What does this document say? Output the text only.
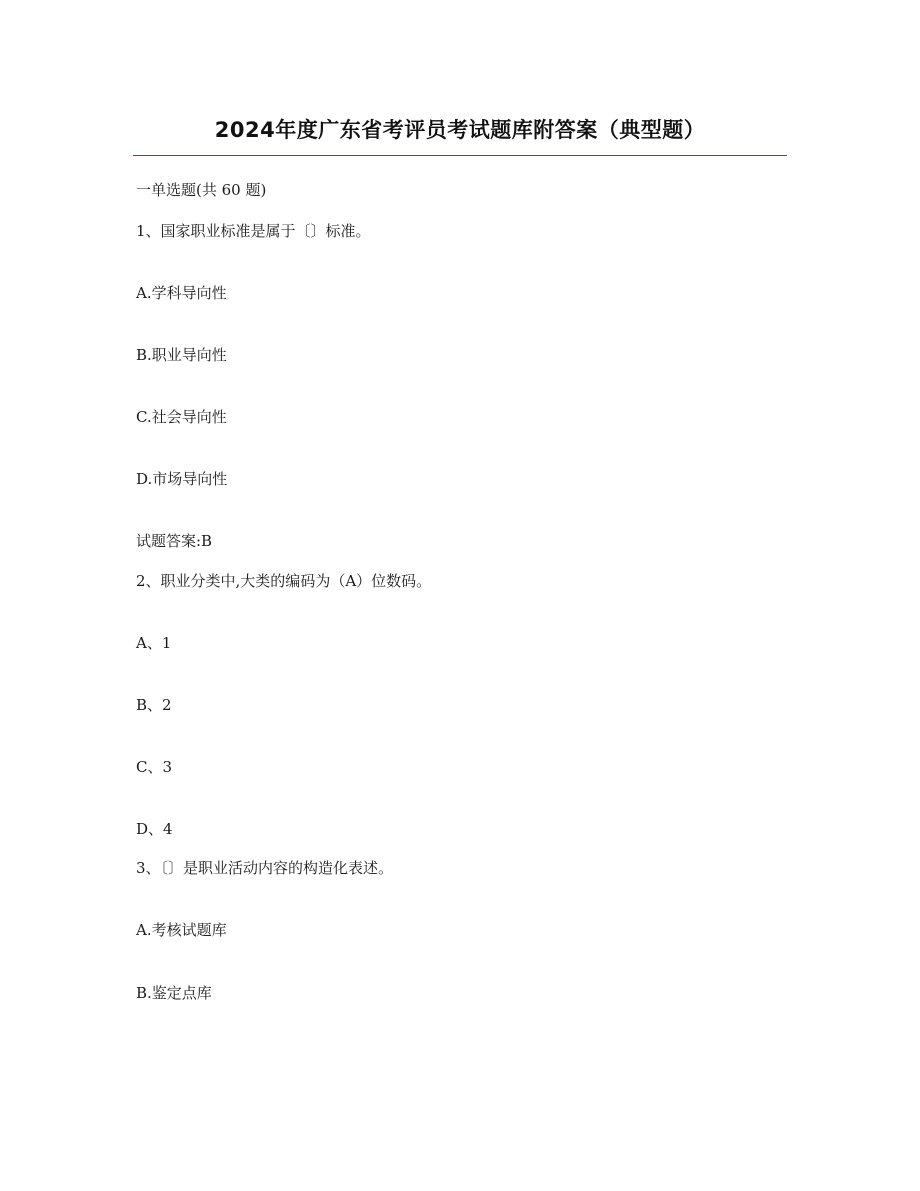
2024年度广东省考评员考试题库附答案（典型题）
一单选题(共 60 题)
1、国家职业标准是属于〔〕标准。
A.学科导向性
B.职业导向性
C.社会导向性
D.市场导向性
试题答案:B
2、职业分类中,大类的编码为（A）位数码。
A、1
B、2
C、3
D、4
3、〔〕是职业活动内容的构造化表述。
A.考核试题库
B.鉴定点库
